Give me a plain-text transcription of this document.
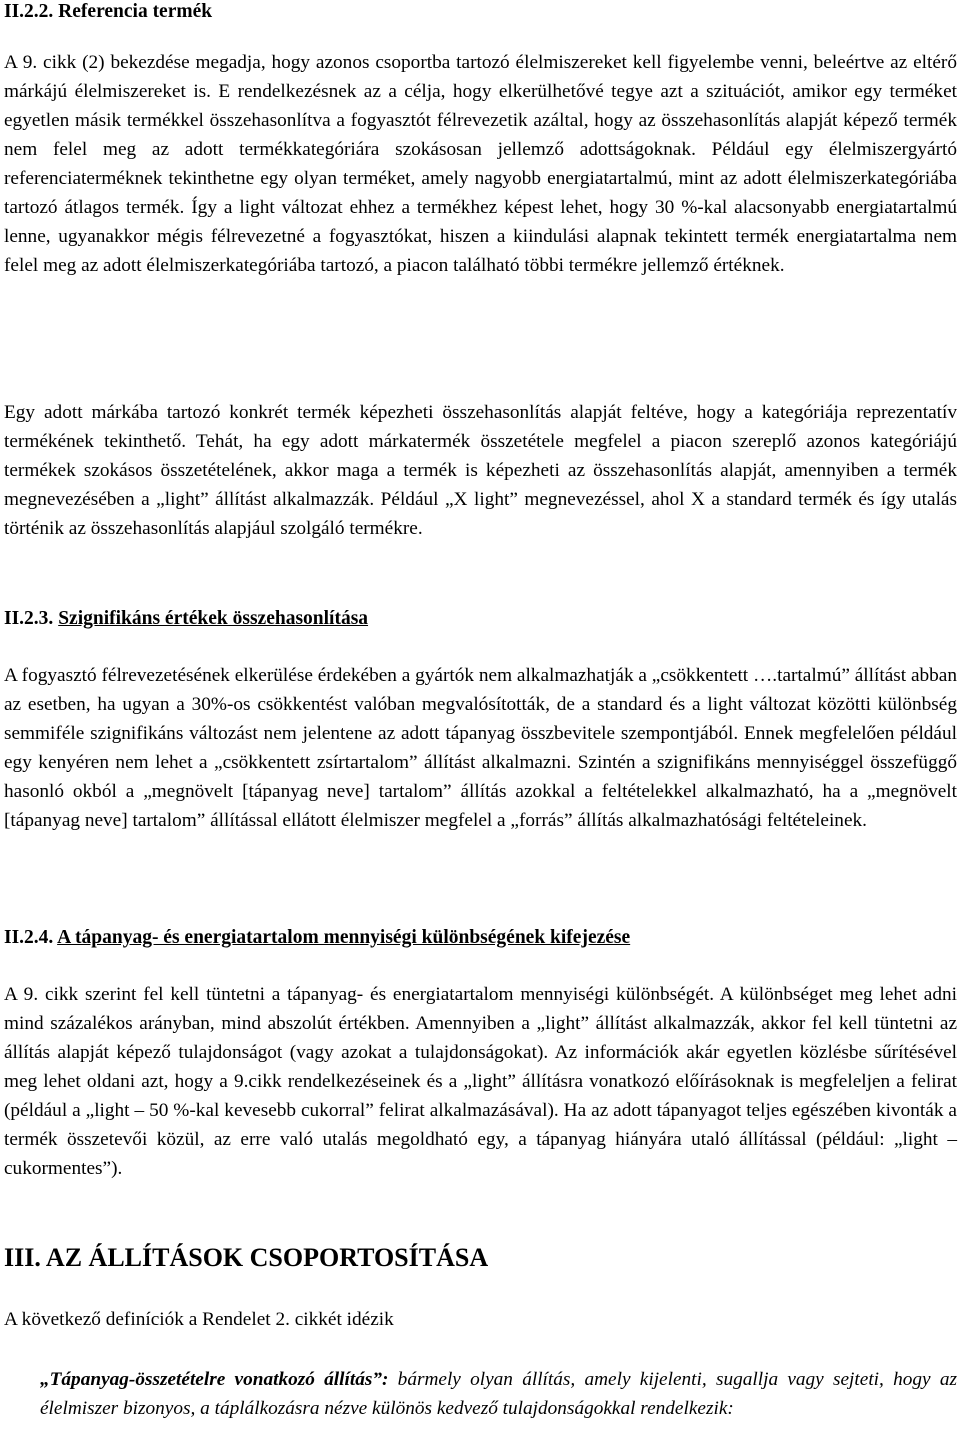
II.2.2. Referencia termék

A 9. cikk (2) bekezdése megadja, hogy azonos csoportba tartozó élelmiszereket kell figyelembe venni, beleértve az eltérő márkájú élelmiszereket is. E rendelkezésnek az a célja, hogy elkerülhetővé tegye azt a szituációt, amikor egy terméket egyetlen másik termékkel összehasonlítva a fogyasztót félrevezetik azáltal, hogy az összehasonlítás alapját képező termék nem felel meg az adott termékkategóriára szokásosan jellemző adottságoknak. Például egy élelmiszergyártó referenciaterméknek tekinthetne egy olyan terméket, amely nagyobb energiatartalmú, mint az adott élelmiszerkategóriába tartozó átlagos termék. Így a light változat ehhez a termékhez képest lehet, hogy 30 %-kal alacsonyabb energiatartalmú lenne, ugyanakkor mégis félrevezetné a fogyasztókat, hiszen a kiindulási alapnak tekintett termék energiatartalma nem felel meg az adott élelmiszerkategóriába tartozó, a piacon található többi termékre jellemző értéknek.

Egy adott márkába tartozó konkrét termék képezheti összehasonlítás alapját feltéve, hogy a kategóriája reprezentatív termékének tekinthető. Tehát, ha egy adott márkatermék összetétele megfelel a piacon szereplő azonos kategóriájú termékek szokásos összetételének, akkor maga a termék is képezheti az összehasonlítás alapját, amennyiben a termék megnevezésében a „light” állítást alkalmazzák. Például „X light” megnevezéssel, ahol X a standard termék és így utalás történik az összehasonlítás alapjául szolgáló termékre.

II.2.3. Szignifikáns értékek összehasonlítása

A fogyasztó félrevezetésének elkerülése érdekében a gyártók nem alkalmazhatják a „csökkentett ….tartalmú” állítást abban az esetben, ha ugyan a 30%-os csökkentést valóban megvalósították, de a standard és a light változat közötti különbség semmiféle szignifikáns változást nem jelentene az adott tápanyag összbevitele szempontjából. Ennek megfelelően például egy kenyéren nem lehet a „csökkentett zsírtartalom” állítást alkalmazni. Szintén a szignifikáns mennyiséggel összefüggő hasonló okból a „megnövelt [tápanyag neve] tartalom” állítás azokkal a feltételekkel alkalmazható, ha a „megnövelt [tápanyag neve] tartalom” állítással ellátott élelmiszer megfelel a „forrás” állítás alkalmazhatósági feltételeinek.

II.2.4. A tápanyag- és energiatartalom mennyiségi különbségének kifejezése

A 9. cikk szerint fel kell tüntetni a tápanyag- és energiatartalom mennyiségi különbségét. A különbséget meg lehet adni mind százalékos arányban, mind abszolút értékben. Amennyiben a „light” állítást alkalmazzák, akkor fel kell tüntetni az állítás alapját képező tulajdonságot (vagy azokat a tulajdonságokat). Az információk akár egyetlen közlésbe sűrítésével meg lehet oldani azt, hogy a 9.cikk rendelkezéseinek és a „light” állításra vonatkozó előírásoknak is megfeleljen a felirat (például a „light – 50 %-kal kevesebb cukorral” felirat alkalmazásával). Ha az adott tápanyagot teljes egészében kivonták a termék összetevői közül, az erre való utalás megoldható egy, a tápanyag hiányára utaló állítással (például: „light – cukormentes”).

III. AZ ÁLLÍTÁSOK CSOPORTOSÍTÁSA

A következő definíciók a Rendelet 2. cikkét idézik

„Tápanyag-összetételre vonatkozó állítás”: bármely olyan állítás, amely kijelenti, sugallja vagy sejteti, hogy az élelmiszer bizonyos, a táplálkozásra nézve különös kedvező tulajdonságokkal rendelkezik:
